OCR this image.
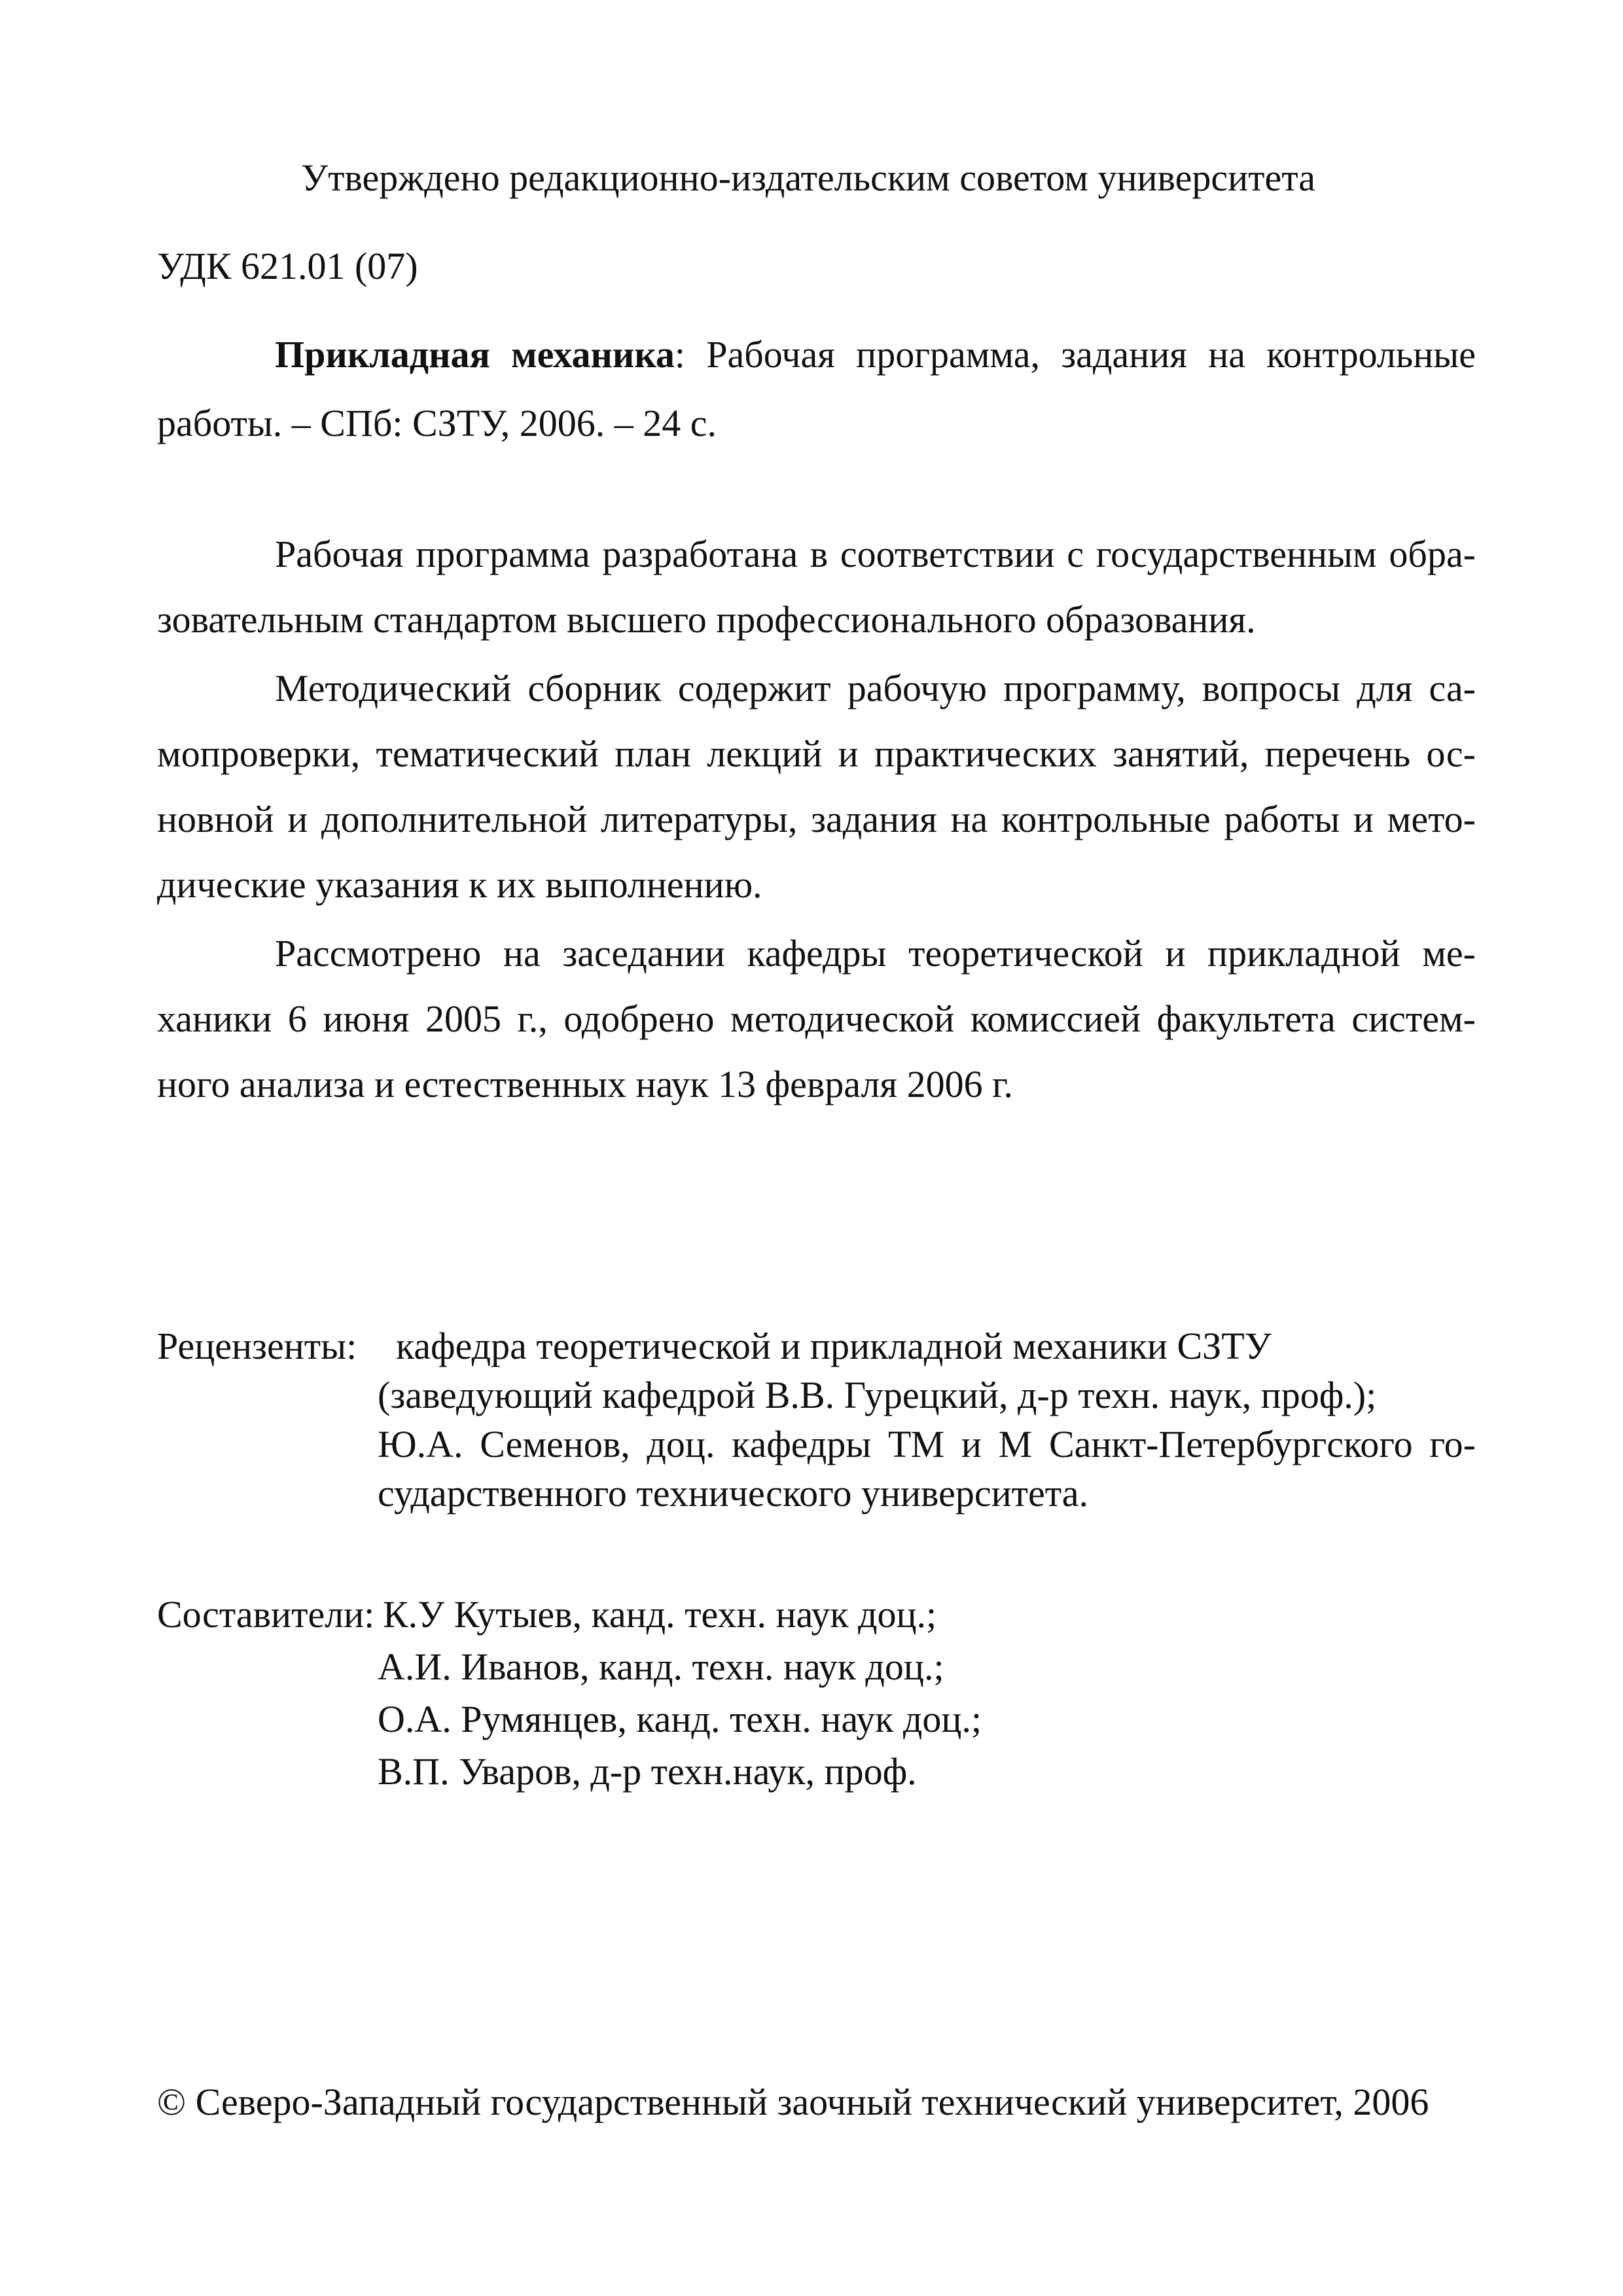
Утверждено редакционно-издательским советом университета
УДК 621.01 (07)
Прикладная механика: Рабочая программа, задания на контрольные
работы. – СПб: СЗТУ, 2006. – 24 с.
Рабочая программа разработана в соответствии с государственным обра-
зовательным стандартом высшего профессионального образования.
Методический сборник содержит рабочую программу, вопросы для са-
мопроверки, тематический план лекций и практических занятий, перечень ос-
новной и дополнительной литературы, задания на контрольные работы и мето-
дические указания к их выполнению.
Рассмотрено на заседании кафедры теоретической и прикладной ме-
ханики 6 июня 2005 г., одобрено методической комиссией факультета систем-
ного анализа и естественных наук 13 февраля 2006 г.
Рецензенты: кафедра теоретической и прикладной механики СЗТУ
(заведующий кафедрой В.В. Гурецкий, д-р техн. наук, проф.);
Ю.А. Семенов, доц. кафедры ТМ и М Санкт-Петербургского го-
сударственного технического университета.
Составители: К.У Кутыев, канд. техн. наук доц.;
А.И. Иванов, канд. техн. наук доц.;
О.А. Румянцев, канд. техн. наук доц.;
В.П. Уваров, д-р техн.наук, проф.
© Северо-Западный государственный заочный технический университет, 2006
